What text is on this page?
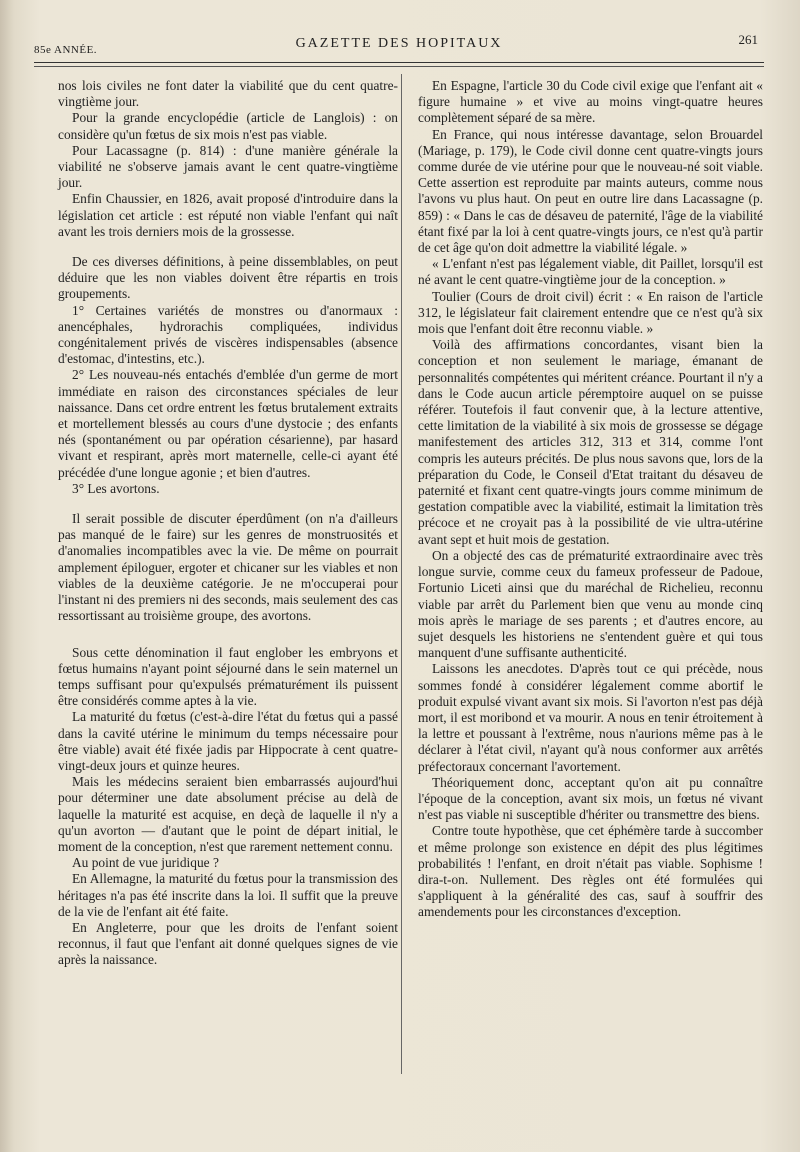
85e ANNÉE.	GAZETTE DES HOPITAUX	261

nos lois civiles ne font dater la viabilité que du cent quatre-vingtième jour.

Pour la grande encyclopédie (article de Langlois) : on considère qu'un fœtus de six mois n'est pas viable.

Pour Lacassagne (p. 814) : d'une manière générale la viabilité ne s'observe jamais avant le cent quatre-vingtième jour.

Enfin Chaussier, en 1826, avait proposé d'introduire dans la législation cet article : est réputé non viable l'enfant qui naît avant les trois derniers mois de la grossesse.

De ces diverses définitions, à peine dissemblables, on peut déduire que les non viables doivent être répartis en trois groupements.

1° Certaines variétés de monstres ou d'anormaux : anencéphales, hydrorachis compliquées, individus congénitalement privés de viscères indispensables (absence d'estomac, d'intestins, etc.).

2° Les nouveau-nés entachés d'emblée d'un germe de mort immédiate en raison des circonstances spéciales de leur naissance. Dans cet ordre entrent les fœtus brutalement extraits et mortellement blessés au cours d'une dystocie ; des enfants nés (spontanément ou par opération césarienne), par hasard vivant et respirant, après mort maternelle, celle-ci ayant été précédée d'une longue agonie ; et bien d'autres.

3° Les avortons.

Il serait possible de discuter éperdûment (on n'a d'ailleurs pas manqué de le faire) sur les genres de monstruosités et d'anomalies incompatibles avec la vie. De même on pourrait amplement épiloguer, ergoter et chicaner sur les viables et non viables de la deuxième catégorie. Je ne m'occuperai pour l'instant ni des premiers ni des seconds, mais seulement des cas ressortissant au troisième groupe, des avortons.

Sous cette dénomination il faut englober les embryons et fœtus humains n'ayant point séjourné dans le sein maternel un temps suffisant pour qu'expulsés prématurément ils puissent être considérés comme aptes à la vie.

La maturité du fœtus (c'est-à-dire l'état du fœtus qui a passé dans la cavité utérine le minimum du temps nécessaire pour être viable) avait été fixée jadis par Hippocrate à cent quatre-vingt-deux jours et quinze heures.

Mais les médecins seraient bien embarrassés aujourd'hui pour déterminer une date absolument précise au delà de laquelle la maturité est acquise, en deçà de laquelle il n'y a qu'un avorton — d'autant que le point de départ initial, le moment de la conception, n'est que rarement nettement connu.

Au point de vue juridique ?

En Allemagne, la maturité du fœtus pour la transmission des héritages n'a pas été inscrite dans la loi. Il suffit que la preuve de la vie de l'enfant ait été faite.

En Angleterre, pour que les droits de l'enfant soient reconnus, il faut que l'enfant ait donné quelques signes de vie après la naissance.

En Espagne, l'article 30 du Code civil exige que l'enfant ait « figure humaine » et vive au moins vingt-quatre heures complètement séparé de sa mère.

En France, qui nous intéresse davantage, selon Brouardel (Mariage, p. 179), le Code civil donne cent quatre-vingts jours comme durée de vie utérine pour que le nouveau-né soit viable. Cette assertion est reproduite par maints auteurs, comme nous l'avons vu plus haut. On peut en outre lire dans Lacassagne (p. 859) : « Dans le cas de désaveu de paternité, l'âge de la viabilité étant fixé par la loi à cent quatre-vingts jours, ce n'est qu'à partir de cet âge qu'on doit admettre la viabilité légale. »

« L'enfant n'est pas légalement viable, dit Paillet, lorsqu'il est né avant le cent quatre-vingtième jour de la conception. »

Toulier (Cours de droit civil) écrit : « En raison de l'article 312, le législateur fait clairement entendre que ce n'est qu'à six mois que l'enfant doit être reconnu viable. »

Voilà des affirmations concordantes, visant bien la conception et non seulement le mariage, émanant de personnalités compétentes qui méritent créance. Pourtant il n'y a dans le Code aucun article péremptoire auquel on se puisse référer. Toutefois il faut convenir que, à la lecture attentive, cette limitation de la viabilité à six mois de grossesse se dégage manifestement des articles 312, 313 et 314, comme l'ont compris les auteurs précités. De plus nous savons que, lors de la préparation du Code, le Conseil d'Etat traitant du désaveu de paternité et fixant cent quatre-vingts jours comme minimum de gestation compatible avec la viabilité, estimait la limitation très précoce et ne croyait pas à la possibilité de vie ultra-utérine avant sept et huit mois de gestation.

On a objecté des cas de prématurité extraordinaire avec très longue survie, comme ceux du fameux professeur de Padoue, Fortunio Liceti ainsi que du maréchal de Richelieu, reconnu viable par arrêt du Parlement bien que venu au monde cinq mois après le mariage de ses parents ; et d'autres encore, au sujet desquels les historiens ne s'entendent guère et qui tous manquent d'une suffisante authenticité.

Laissons les anecdotes. D'après tout ce qui précède, nous sommes fondé à considérer légalement comme abortif le produit expulsé vivant avant six mois. Si l'avorton n'est pas déjà mort, il est moribond et va mourir. A nous en tenir étroitement à la lettre et poussant à l'extrême, nous n'aurions même pas à le déclarer à l'état civil, n'ayant qu'à nous conformer aux arrêtés préfectoraux concernant l'avortement.

Théoriquement donc, acceptant qu'on ait pu connaître l'époque de la conception, avant six mois, un fœtus né vivant n'est pas viable ni susceptible d'hériter ou transmettre des biens.

Contre toute hypothèse, que cet éphémère tarde à succomber et même prolonge son existence en dépit des plus légitimes probabilités ! l'enfant, en droit n'était pas viable. Sophisme ! dira-t-on. Nullement. Des règles ont été formulées qui s'appliquent à la généralité des cas, sauf à souffrir des amendements pour les circonstances d'exception.
